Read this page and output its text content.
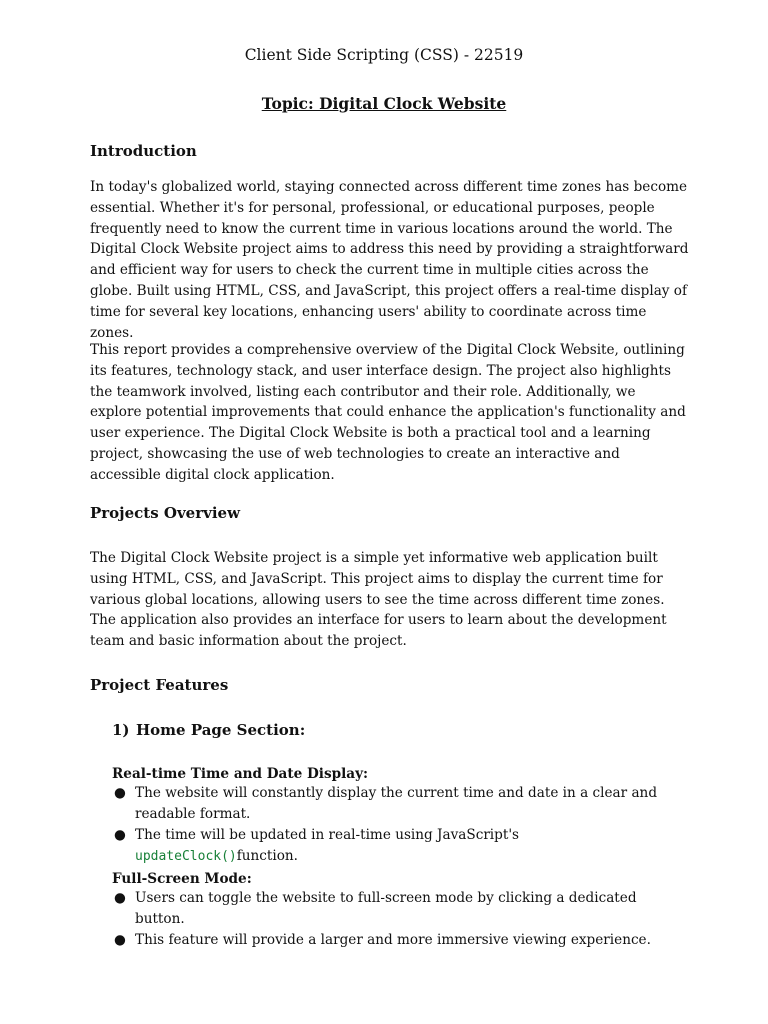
Client Side Scripting (CSS) - 22519
Topic: Digital Clock Website
Introduction

In today's globalized world, staying connected across different time zones has become essential. Whether it's for personal, professional, or educational purposes, people frequently need to know the current time in various locations around the world. The Digital Clock Website project aims to address this need by providing a straightforward and efficient way for users to check the current time in multiple cities across the globe. Built using HTML, CSS, and JavaScript, this project offers a real-time display of time for several key locations, enhancing users' ability to coordinate across time zones.

This report provides a comprehensive overview of the Digital Clock Website, outlining its features, technology stack, and user interface design. The project also highlights the teamwork involved, listing each contributor and their role. Additionally, we explore potential improvements that could enhance the application's functionality and user experience. The Digital Clock Website is both a practical tool and a learning project, showcasing the use of web technologies to create an interactive and accessible digital clock application.

Projects Overview

The Digital Clock Website project is a simple yet informative web application built using HTML, CSS, and JavaScript. This project aims to display the current time for various global locations, allowing users to see the time across different time zones. The application also provides an interface for users to learn about the development team and basic information about the project.

Project Features
1) Home Page Section:
Real-time Time and Date Display:
● The website will constantly display the current time and date in a clear and readable format.
● The time will be updated in real-time using JavaScript's updateClock()function.
Full-Screen Mode:
● Users can toggle the website to full-screen mode by clicking a dedicated button.
● This feature will provide a larger and more immersive viewing experience.
